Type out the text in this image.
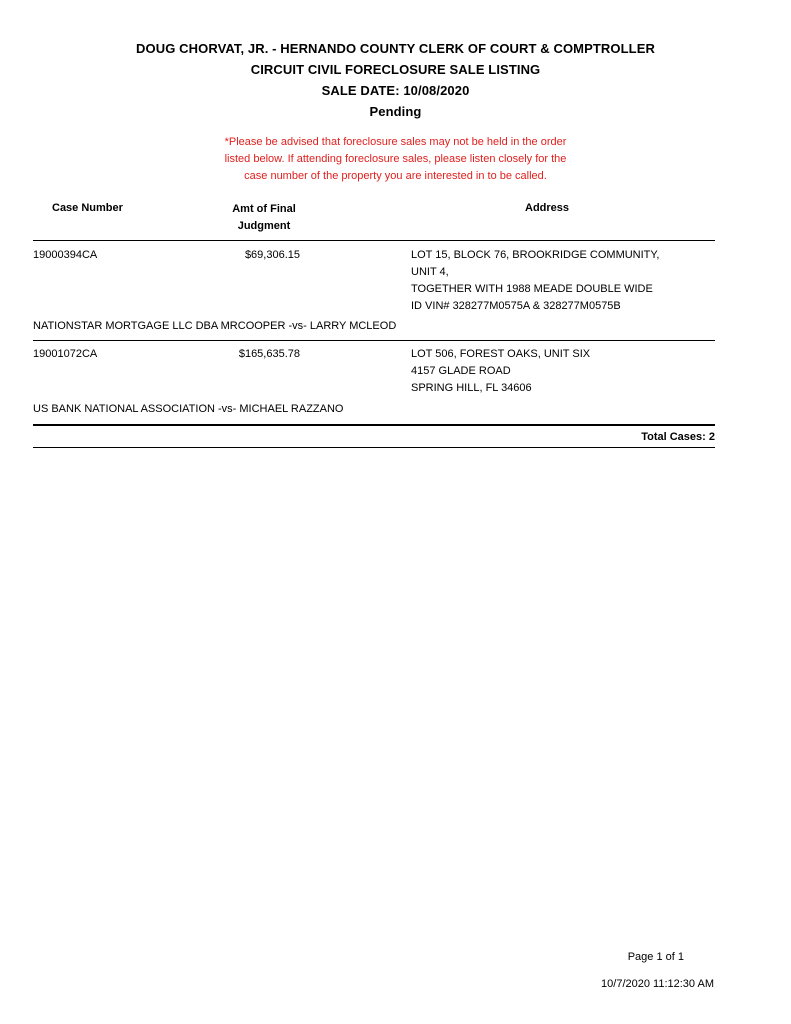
DOUG CHORVAT, JR. - HERNANDO COUNTY CLERK OF COURT & COMPTROLLER
CIRCUIT CIVIL FORECLOSURE SALE LISTING
SALE DATE: 10/08/2020
Pending
*Please be advised that foreclosure sales may not be held in the order
listed below. If attending foreclosure sales, please listen closely for the
case number of the property you are interested in to be called.
Case Number	Amt of Final
Judgment
Address
19000394CA	$69,306.15	LOT 15, BLOCK 76, BROOKRIDGE COMMUNITY,
UNIT 4,
TOGETHER WITH 1988 MEADE DOUBLE WIDE
ID VIN# 328277M0575A & 328277M0575B
NATIONSTAR MORTGAGE LLC DBA MRCOOPER -vs- LARRY MCLEOD
19001072CA	$165,635.78	LOT 506, FOREST OAKS, UNIT SIX
4157 GLADE ROAD
SPRING HILL, FL 34606
US BANK NATIONAL ASSOCIATION -vs- MICHAEL RAZZANO
Total Cases: 2
Page 1 of 1
10/7/2020 11:12:30 AM
